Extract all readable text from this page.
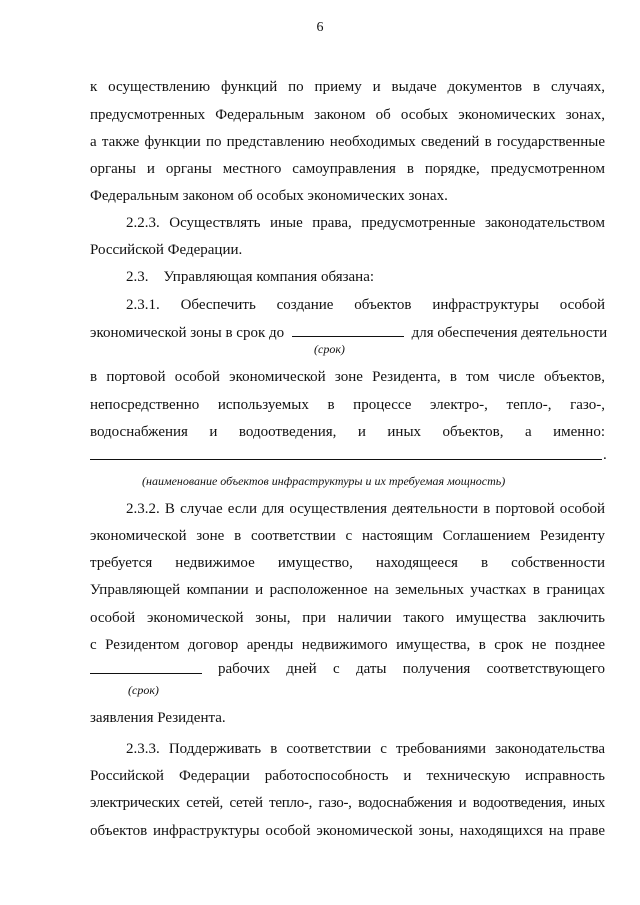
6
к осуществлению функций по приему и выдаче документов в случаях,
предусмотренных Федеральным законом об особых экономических зонах,
а также функции по представлению необходимых сведений в государственные
органы и органы местного самоуправления в порядке, предусмотренном
Федеральным законом об особых экономических зонах.
2.2.3. Осуществлять иные права, предусмотренные законодательством
Российской Федерации.
2.3.    Управляющая компания обязана:
2.3.1. Обеспечить создание объектов инфраструктуры особой
экономической зоны в срок до	для обеспечения деятельности
(срок)
в портовой особой экономической зоне Резидента, в том числе объектов,
непосредственно используемых в процессе электро-, тепло-, газо-,
водоснабжения и водоотведения, и иных объектов, а именно:
.
(наименование объектов инфраструктуры и их требуемая мощность)
2.3.2. В случае если для осуществления деятельности в портовой особой
экономической зоне в соответствии с настоящим Соглашением Резиденту
требуется недвижимое имущество, находящееся в собственности
Управляющей компании и расположенное на земельных участках в границах
особой экономической зоны, при наличии такого имущества заключить
с Резидентом договор аренды недвижимого имущества, в срок не позднее
рабочих дней с даты получения соответствующего
(срок)
заявления Резидента.
2.3.3. Поддерживать в соответствии с требованиями законодательства
Российской Федерации работоспособность и техническую исправность
электрических сетей, сетей тепло-, газо-, водоснабжения и водоотведения, иных
объектов инфраструктуры особой экономической зоны, находящихся на праве
